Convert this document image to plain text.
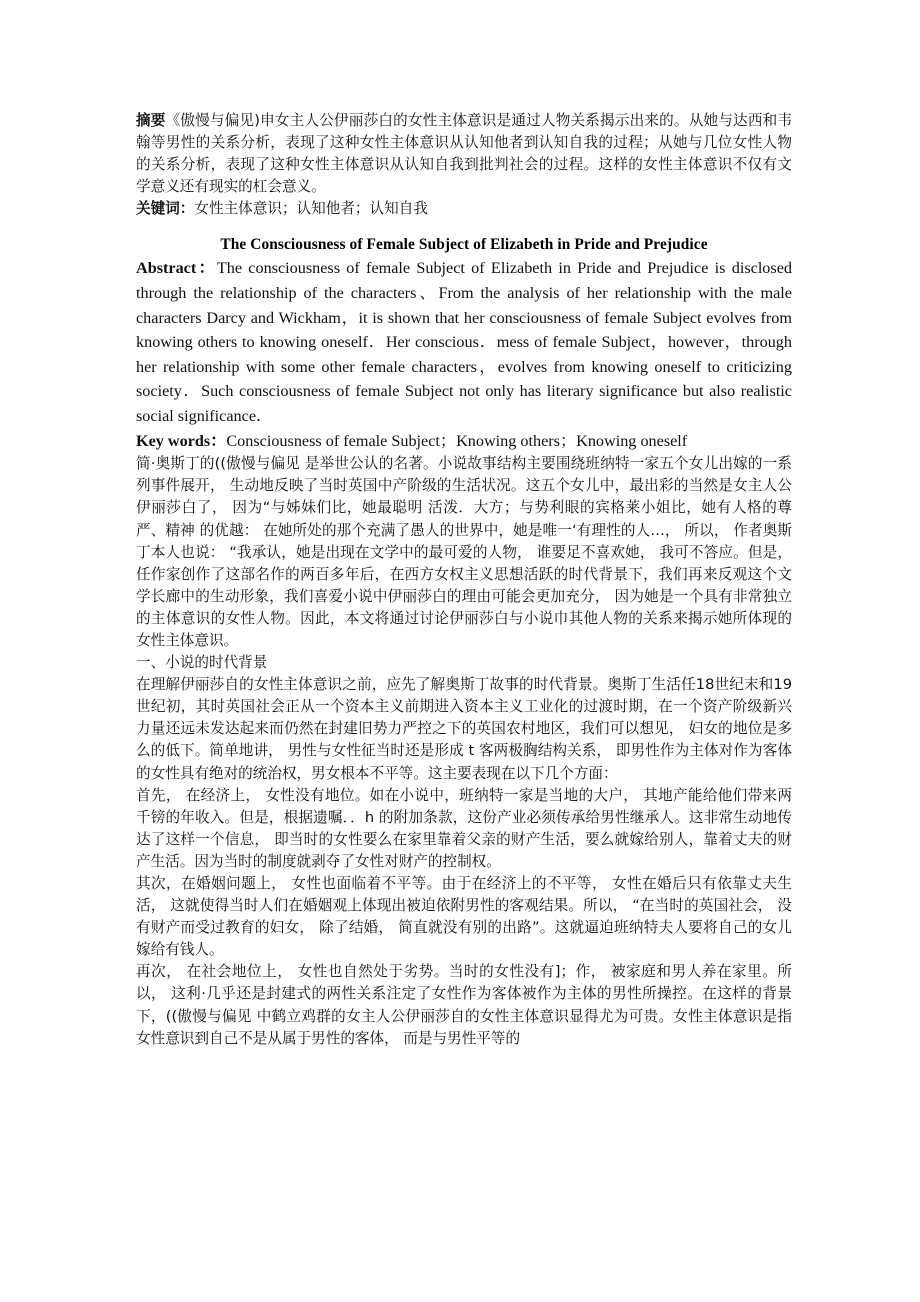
摘要《傲慢与偏见)申女主人公伊丽莎白的女性主体意识是通过人物关系揭示出来的。从她与达西和韦翰等男性的关系分析，表现了这种女性主体意识从认知他者到认知自我的过程；从她与几位女性人物的关系分析，表现了这种女性主体意识从认知自我到批判社会的过程。这样的女性主体意识不仅有文学意义还有现实的杠会意义。

关键词：女性主体意识；认知他者；认知自我

The Consciousness of Female Subject of Elizabeth in Pride and Prejudice

Abstract：The consciousness of female Subject of Elizabeth in Pride and Prejudice is disclosed through the relationship of the characters、From the analysis of her relationship with the male characters Darcy and Wickham，it is shown that her consciousness of female Subject evolves from knowing others to knowing oneself．Her conscious．mess of female Subject，however，through her relationship with some other female characters，evolves from knowing oneself to criticizing society．Such consciousness of female Subject not only has literary significance but also realistic social significance．

Key words：Consciousness of female Subject；Knowing others；Knowing oneself

简·奥斯丁的((傲慢与偏见 是举世公认的名著。小说故事结构主要围绕班纳特一家五个女儿出嫁的一系列事件展开， 生动地反映了当时英国中产阶级的生活状况。这五个女儿中，最出彩的当然是女主人公伊丽莎白了， 因为“与姊妹们比，她最聪明 活泼．大方；与势利眼的宾格莱小姐比，她有人格的尊严、精神 的优越： 在她所处的那个充满了愚人的世界中，她是唯一‘有理性的人…， 所以， 作者奥斯丁本人也说： “我承认，她是出现在文学中的最可爱的人物， 谁要足不喜欢她， 我可不答应。但是，任作家创作了这部名作的两百多年后，在西方女权主义思想活跃的时代背景下，我们再来反观这个文学长廊中的生动形象，我们喜爱小说中伊丽莎白的理由可能会更加充分， 因为她是一个具有非常独立的主体意识的女性人物。因此，本文将通过讨论伊丽莎白与小说巾其他人物的关系来揭示她所体现的女性主体意识。

一、小说的时代背景

在理解伊丽莎自的女性主体意识之前，应先了解奥斯丁故事的时代背景。奥斯丁生活任18世纪末和19世纪初，其时英国社会正从一个资本主义前期进入资本主义工业化的过渡时期，在一个资产阶级新兴力量还远未发达起来而仍然在封建旧势力严控之下的英国农村地区，我们可以想见， 妇女的地位是多么的低下。简单地讲， 男性与女性征当时还是形成 t 客两极胸结构关系， 即男性作为主体对作为客体的女性具有绝对的统治权，男女根本不平等。这主要表现在以下几个方面：

首先， 在经济上， 女性没有地位。如在小说中，班纳特一家是当地的大户， 其地产能给他们带来两千镑的年收入。但是，根据遗嘱．．h 的附加条款，这份产业必须传承给男性继承人。这非常生动地传达了这样一个信息， 即当时的女性要么在家里靠着父亲的财产生活，要么就嫁给别人，靠着丈夫的财产生活。因为当时的制度就剥夺了女性对财产的控制权。

其次，在婚姻问题上， 女性也面临着不平等。由于在经济上的不平等， 女性在婚后只有依靠丈夫生活， 这就使得当时人们在婚姻观上体现出被迫依附男性的客观结果。所以， “在当时的英国社会， 没有财产而受过教育的妇女， 除了结婚， 简直就没有别的出路”。这就逼迫班纳特夫人要将自己的女儿嫁给有钱人。

再次， 在社会地位上， 女性也自然处于劣势。当时的女性没有]；作， 被家庭和男人养在家里。所以， 这利·几乎还是封建式的两性关系注定了女性作为客体被作为主体的男性所操控。在这样的背景下，((傲慢与偏见 中鹤立鸡群的女主人公伊丽莎自的女性主体意识显得尤为可贵。女性主体意识是指女性意识到自己不是从属于男性的客体， 而是与男性平等的
